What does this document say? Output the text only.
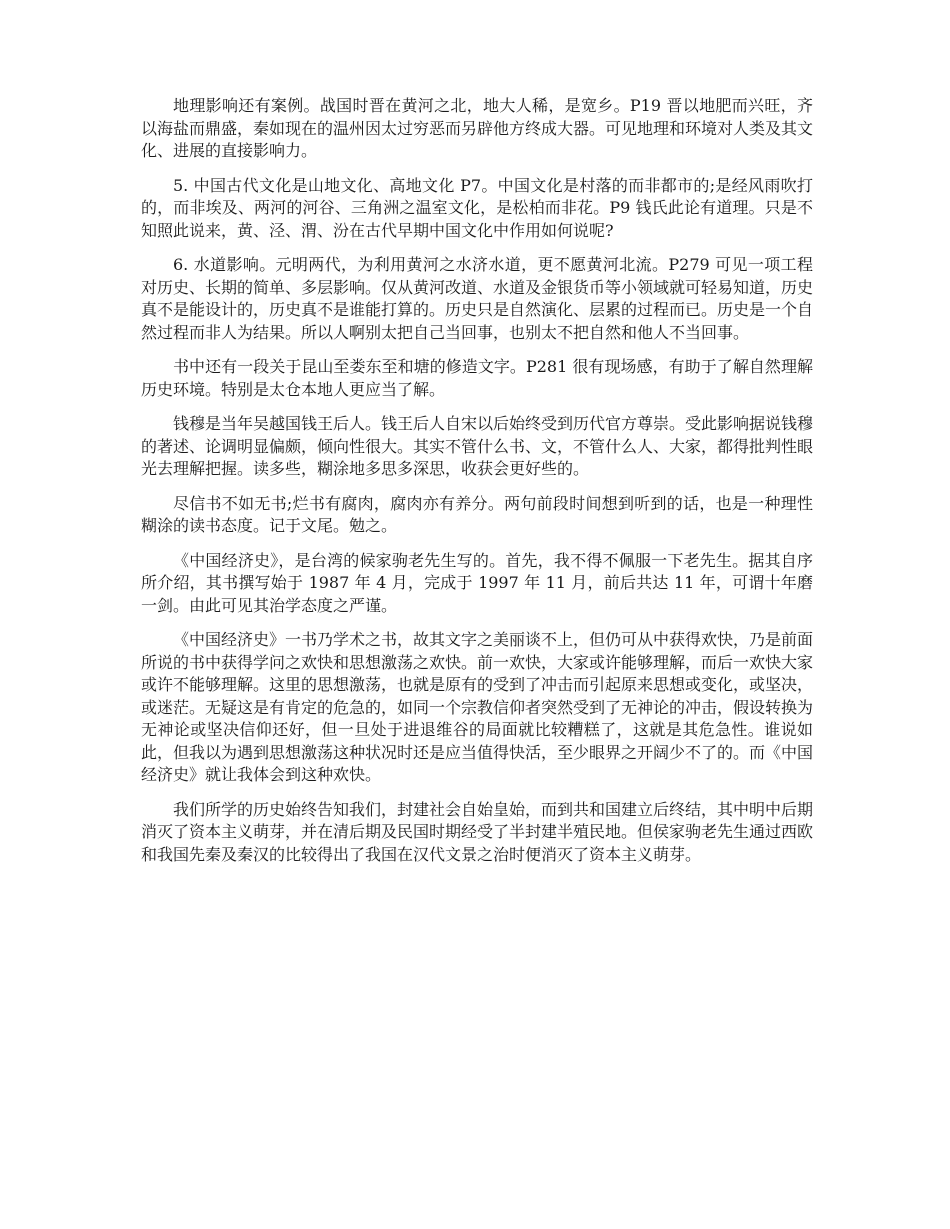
地理影响还有案例。战国时晋在黄河之北，地大人稀，是宽乡。P19 晋以地肥而兴旺，齐以海盐而鼎盛，秦如现在的温州因太过穷恶而另辟他方终成大器。可见地理和环境对人类及其文化、进展的直接影响力。

5. 中国古代文化是山地文化、高地文化 P7。中国文化是村落的而非都市的;是经风雨吹打的，而非埃及、两河的河谷、三角洲之温室文化，是松柏而非花。P9 钱氏此论有道理。只是不知照此说来，黄、泾、渭、汾在古代早期中国文化中作用如何说呢?

6. 水道影响。元明两代，为利用黄河之水济水道，更不愿黄河北流。P279 可见一项工程对历史、长期的简单、多层影响。仅从黄河改道、水道及金银货币等小领域就可轻易知道，历史真不是能设计的，历史真不是谁能打算的。历史只是自然演化、层累的过程而已。历史是一个自然过程而非人为结果。所以人啊别太把自己当回事，也别太不把自然和他人不当回事。

书中还有一段关于昆山至娄东至和塘的修造文字。P281 很有现场感，有助于了解自然理解历史环境。特别是太仓本地人更应当了解。

钱穆是当年吴越国钱王后人。钱王后人自宋以后始终受到历代官方尊崇。受此影响据说钱穆的著述、论调明显偏颇，倾向性很大。其实不管什么书、文，不管什么人、大家，都得批判性眼光去理解把握。读多些，糊涂地多思多深思，收获会更好些的。

尽信书不如无书;烂书有腐肉，腐肉亦有养分。两句前段时间想到听到的话，也是一种理性糊涂的读书态度。记于文尾。勉之。

《中国经济史》，是台湾的候家驹老先生写的。首先，我不得不佩服一下老先生。据其自序所介绍，其书撰写始于 1987 年 4 月，完成于 1997 年 11 月，前后共达 11 年，可谓十年磨一剑。由此可见其治学态度之严谨。

《中国经济史》一书乃学术之书，故其文字之美丽谈不上，但仍可从中获得欢快，乃是前面所说的书中获得学问之欢快和思想激荡之欢快。前一欢快，大家或许能够理解，而后一欢快大家或许不能够理解。这里的思想激荡，也就是原有的受到了冲击而引起原来思想或变化，或坚决，或迷茫。无疑这是有肯定的危急的，如同一个宗教信仰者突然受到了无神论的冲击，假设转换为无神论或坚决信仰还好，但一旦处于进退维谷的局面就比较糟糕了，这就是其危急性。谁说如此，但我以为遇到思想激荡这种状况时还是应当值得快活，至少眼界之开阔少不了的。而《中国经济史》就让我体会到这种欢快。

我们所学的历史始终告知我们，封建社会自始皇始，而到共和国建立后终结，其中明中后期消灭了资本主义萌芽，并在清后期及民国时期经受了半封建半殖民地。但侯家驹老先生通过西欧和我国先秦及秦汉的比较得出了我国在汉代文景之治时便消灭了资本主义萌芽。
